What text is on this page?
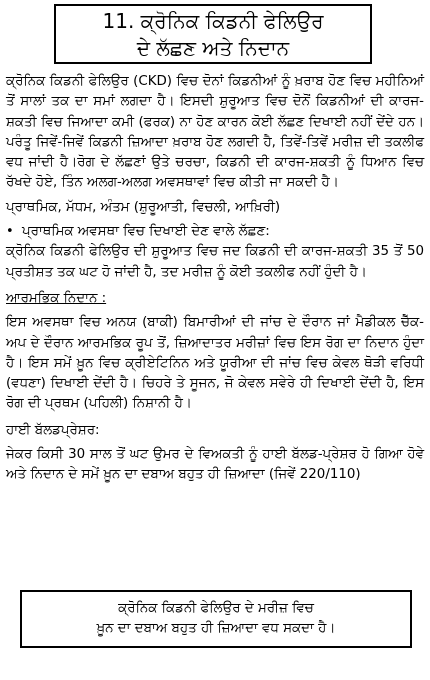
11. ਕ੍ਰੋਨਿਕ ਕਿਡਨੀ ਫੇਲਿਉਰ
ਦੇ ਲੱਛਣ ਅਤੇ ਨਿਦਾਨ

ਕ੍ਰੋਨਿਕ ਕਿਡਨੀ ਫੇਲਿਉਰ (CKD) ਵਿਚ ਦੋਨਾਂ ਕਿਡਨੀਆਂ ਨੂੰ ਖ਼ਰਾਬ ਹੋਣ ਵਿਚ ਮਹੀਨਿਆਂ ਤੋਂ ਸਾਲਾਂ ਤਕ ਦਾ ਸਮਾਂ ਲਗਦਾ ਹੈ। ਇਸਦੀ ਸ਼ੁਰੂਆਤ ਵਿਚ ਦੋਨੋਂ ਕਿਡਨੀਆਂ ਦੀ ਕਾਰਜ-ਸ਼ਕਤੀ ਵਿਚ ਜਿਆਦਾ ਕਮੀ (ਫਰਕ) ਨਾ ਹੋਣ ਕਾਰਨ ਕੋਈ ਲੱਛਣ ਦਿਖਾਈ ਨਹੀਂ ਦੇਂਦੇ ਹਨ। ਪਰੰਤੂ ਜਿਵੇਂ-ਜਿਵੇਂ ਕਿਡਨੀ ਜ਼ਿਆਦਾ ਖ਼ਰਾਬ ਹੋਣ ਲਗਦੀ ਹੈ, ਤਿਵੇਂ-ਤਿਵੇਂ ਮਰੀਜ਼ ਦੀ ਤਕਲੀਫ ਵਧ ਜਾਂਦੀ ਹੈ।ਰੋਗ ਦੇ ਲੱਛਣਾਂ ਉਤੇ ਚਰਚਾ, ਕਿਡਨੀ ਦੀ ਕਾਰਜ-ਸ਼ਕਤੀ ਨੂੰ ਧਿਆਨ ਵਿਚ ਰੱਖਦੇ ਹੋਏ, ਤਿੰਨ ਅਲਗ-ਅਲਗ ਅਵਸਥਾਵਾਂ ਵਿਚ ਕੀਤੀ ਜਾ ਸਕਦੀ ਹੈ।

ਪ੍ਰਾਥਮਿਕ, ਮੱਧਮ, ਅੰਤਮ (ਸ਼ੁਰੂਆਤੀ, ਵਿਚਲੀ, ਆਖ਼ਿਰੀ)

• ਪ੍ਰਾਥਮਿਕ ਅਵਸਥਾ ਵਿਚ ਦਿਖਾਈ ਦੇਣ ਵਾਲੇ ਲੱਛਣ:

ਕ੍ਰੋਨਿਕ ਕਿਡਨੀ ਫੇਲਿਉਰ ਦੀ ਸ਼ੁਰੂਆਤ ਵਿਚ ਜਦ ਕਿਡਨੀ ਦੀ ਕਾਰਜ-ਸ਼ਕਤੀ 35 ਤੋਂ 50 ਪ੍ਰਤੀਸ਼ਤ ਤਕ ਘਟ ਹੋ ਜਾਂਦੀ ਹੈ, ਤਦ ਮਰੀਜ਼ ਨੂੰ ਕੋਈ ਤਕਲੀਫ ਨਹੀਂ ਹੁੰਦੀ ਹੈ।

ਆਰਮਭਿਕ ਨਿਦਾਨ :

ਇਸ ਅਵਸਥਾ ਵਿਚ ਅਨਯ (ਬਾਕੀ) ਬਿਮਾਰੀਆਂ ਦੀ ਜਾਂਚ ਦੇ ਦੌਰਾਨ ਜਾਂ ਮੈਡੀਕਲ ਚੈੱਕ-ਅਪ ਦੇ ਦੌਰਾਨ ਆਰਮਭਿਕ ਰੂਪ ਤੋਂ, ਜ਼ਿਆਦਾਤਰ ਮਰੀਜ਼ਾਂ ਵਿਚ ਇਸ ਰੋਗ ਦਾ ਨਿਦਾਨ ਹੁੰਦਾ ਹੈ। ਇਸ ਸਮੇਂ ਖ਼ੂਨ ਵਿਚ ਕ੍ਰੀਏਟਿਨਿਨ ਅਤੇ ਯੂਰੀਆ ਦੀ ਜਾਂਚ ਵਿਚ ਕੇਵਲ ਥੋੜੀ ਵਰਿਧੀ (ਵਧਣਾ) ਦਿਖਾਈ ਦੇਂਦੀ ਹੈ। ਚਿਹਰੇ ਤੇ ਸੂਜਨ, ਜੋ ਕੇਵਲ ਸਵੇਰੇ ਹੀ ਦਿਖਾਈ ਦੇਂਦੀ ਹੈ, ਇਸ ਰੋਗ ਦੀ ਪ੍ਰਥਮ (ਪਹਿਲੀ) ਨਿਸ਼ਾਨੀ ਹੈ।

ਹਾਈ ਬੱਲਡਪ੍ਰੇਸ਼ਰ:

ਜੇਕਰ ਕਿਸੀ 30 ਸਾਲ ਤੋਂ ਘਟ ਉਮਰ ਦੇ ਵਿਅਕਤੀ ਨੂੰ ਹਾਈ ਬੱਲਡ-ਪ੍ਰੇਸ਼ਰ ਹੋ ਗਿਆ ਹੋਵੇ ਅਤੇ ਨਿਦਾਨ ਦੇ ਸਮੇਂ ਖ਼ੂਨ ਦਾ ਦਬਾਅ ਬਹੁਤ ਹੀ ਜ਼ਿਆਦਾ (ਜਿਵੇਂ 220/110)

ਕ੍ਰੋਨਿਕ ਕਿਡਨੀ ਫੇਲਿਉਰ ਦੇ ਮਰੀਜ਼ ਵਿਚ
ਖ਼ੂਨ ਦਾ ਦਬਾਅ ਬਹੁਤ ਹੀ ਜ਼ਿਆਦਾ ਵਧ ਸਕਦਾ ਹੈ।
